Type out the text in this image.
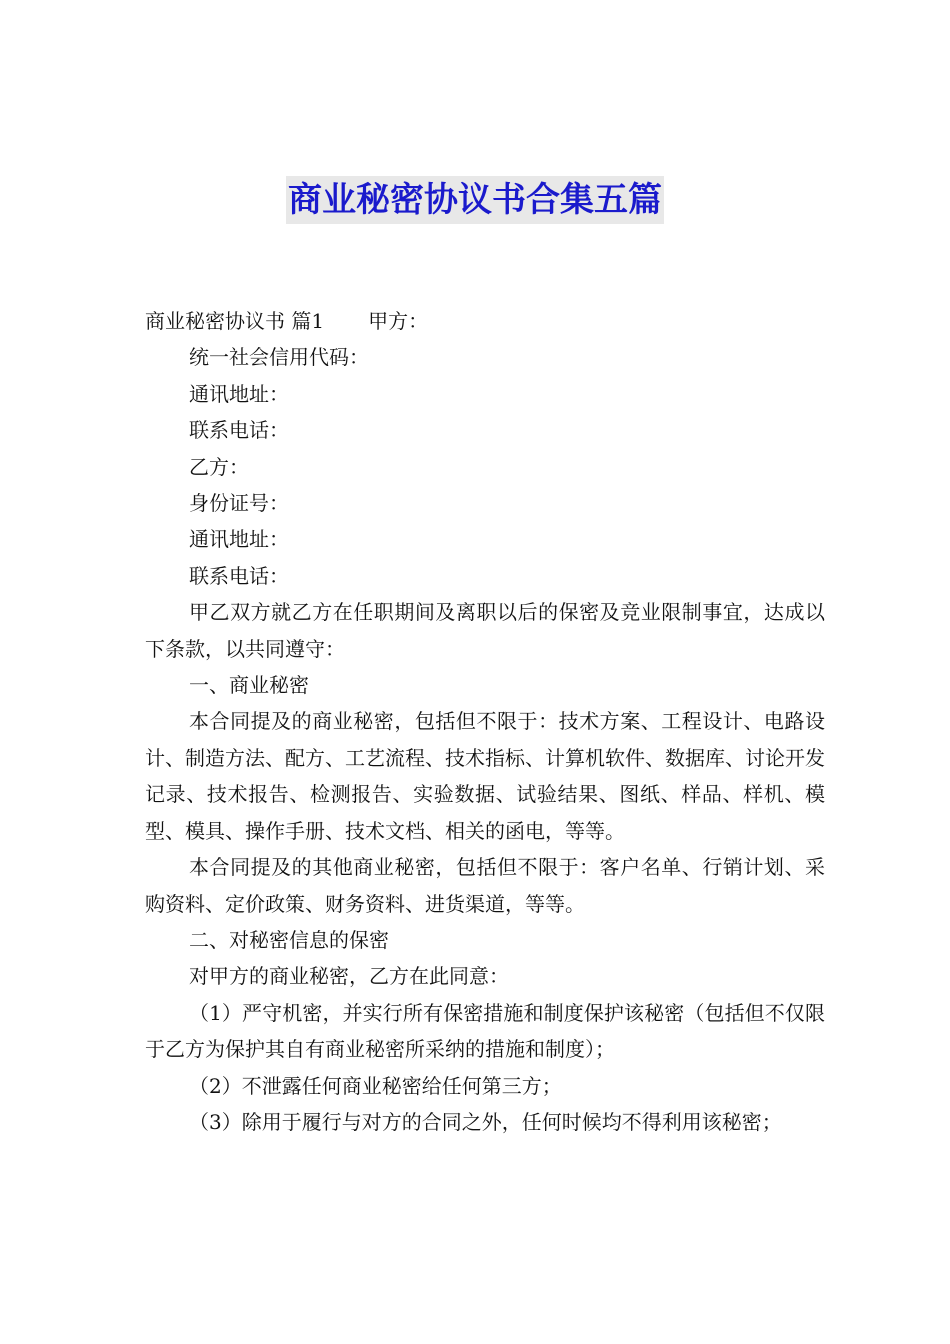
商业秘密协议书合集五篇

商业秘密协议书 篇1 甲方：

统一社会信用代码：

通讯地址：

联系电话：

乙方：

身份证号：

通讯地址：

联系电话：

甲乙双方就乙方在任职期间及离职以后的保密及竞业限制事宜，达成以下条款，以共同遵守：

一、商业秘密

本合同提及的商业秘密，包括但不限于：技术方案、工程设计、电路设计、制造方法、配方、工艺流程、技术指标、计算机软件、数据库、讨论开发记录、技术报告、检测报告、实验数据、试验结果、图纸、样品、样机、模型、模具、操作手册、技术文档、相关的函电，等等。

本合同提及的其他商业秘密，包括但不限于：客户名单、行销计划、采购资料、定价政策、财务资料、进货渠道，等等。

二、对秘密信息的保密

对甲方的商业秘密，乙方在此同意：

（1）严守机密，并实行所有保密措施和制度保护该秘密（包括但不仅限于乙方为保护其自有商业秘密所采纳的措施和制度）；

（2）不泄露任何商业秘密给任何第三方；

（3）除用于履行与对方的合同之外，任何时候均不得利用该秘密；
